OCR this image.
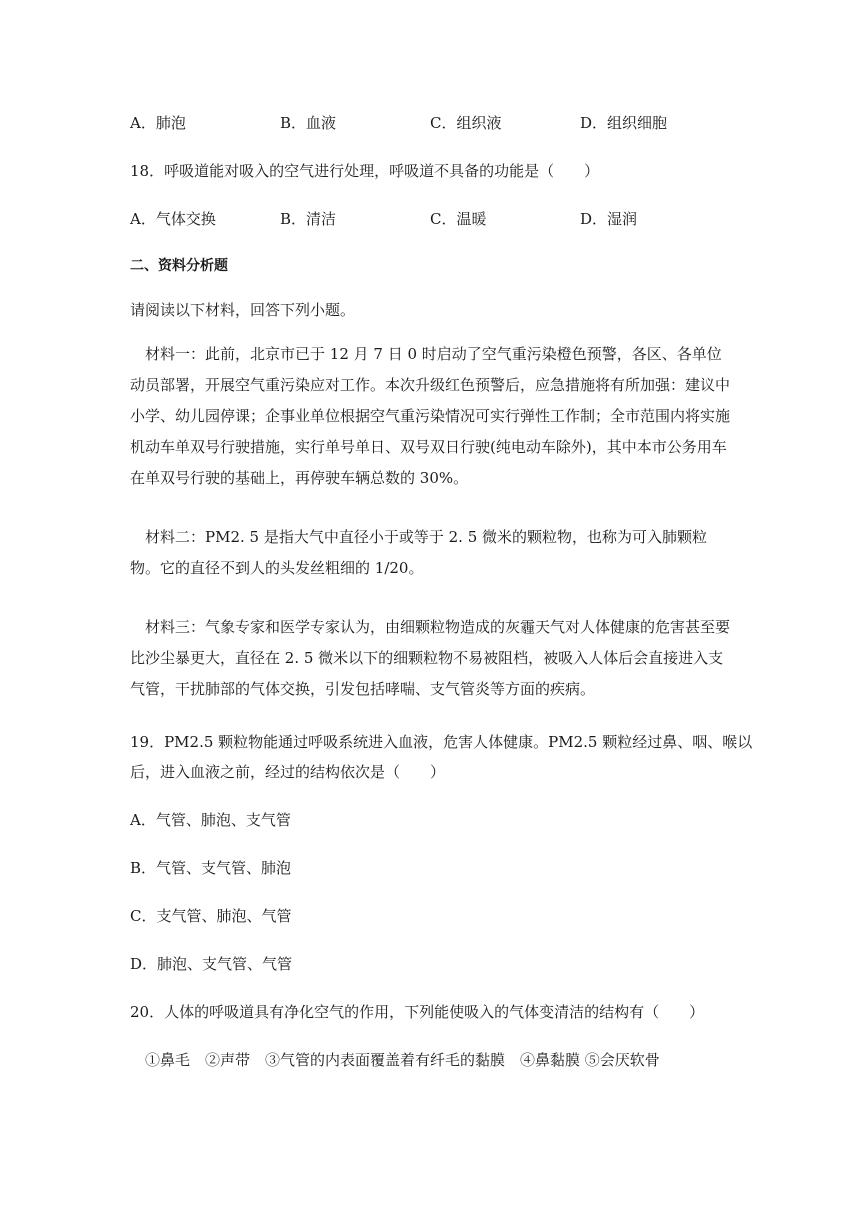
A．肺泡	B．血液	C．组织液	D．组织细胞
18．呼吸道能对吸入的空气进行处理，呼吸道不具备的功能是（　　）
A．气体交换	B．清洁	C．温暖	D．湿润
二、资料分析题
请阅读以下材料，回答下列小题。
材料一：此前，北京市已于 12 月 7 日 0 时启动了空气重污染橙色预警，各区、各单位动员部署，开展空气重污染应对工作。本次升级红色预警后，应急措施将有所加强：建议中小学、幼儿园停课；企事业单位根据空气重污染情况可实行弹性工作制；全市范围内将实施机动车单双号行驶措施，实行单号单日、双号双日行驶(纯电动车除外)，其中本市公务用车在单双号行驶的基础上，再停驶车辆总数的 30%。
材料二：PM2. 5 是指大气中直径小于或等于 2. 5 微米的颗粒物，也称为可入肺颗粒物。它的直径不到人的头发丝粗细的 1/20。
材料三：气象专家和医学专家认为，由细颗粒物造成的灰霾天气对人体健康的危害甚至要比沙尘暴更大，直径在 2. 5 微米以下的细颗粒物不易被阻档，被吸入人体后会直接进入支气管，干扰肺部的气体交换，引发包括哮喘、支气管炎等方面的疾病。
19．PM2.5 颗粒物能通过呼吸系统进入血液，危害人体健康。PM2.5 颗粒经过鼻、咽、喉以
后，进入血液之前，经过的结构依次是（　　）
A．气管、肺泡、支气管
B．气管、支气管、肺泡
C．支气管、肺泡、气管
D．肺泡、支气管、气管
20．人体的呼吸道具有净化空气的作用，下列能使吸入的气体变清洁的结构有（　　）
①鼻毛　②声带　③气管的内表面覆盖着有纤毛的黏膜　④鼻黏膜 ⑤会厌软骨
